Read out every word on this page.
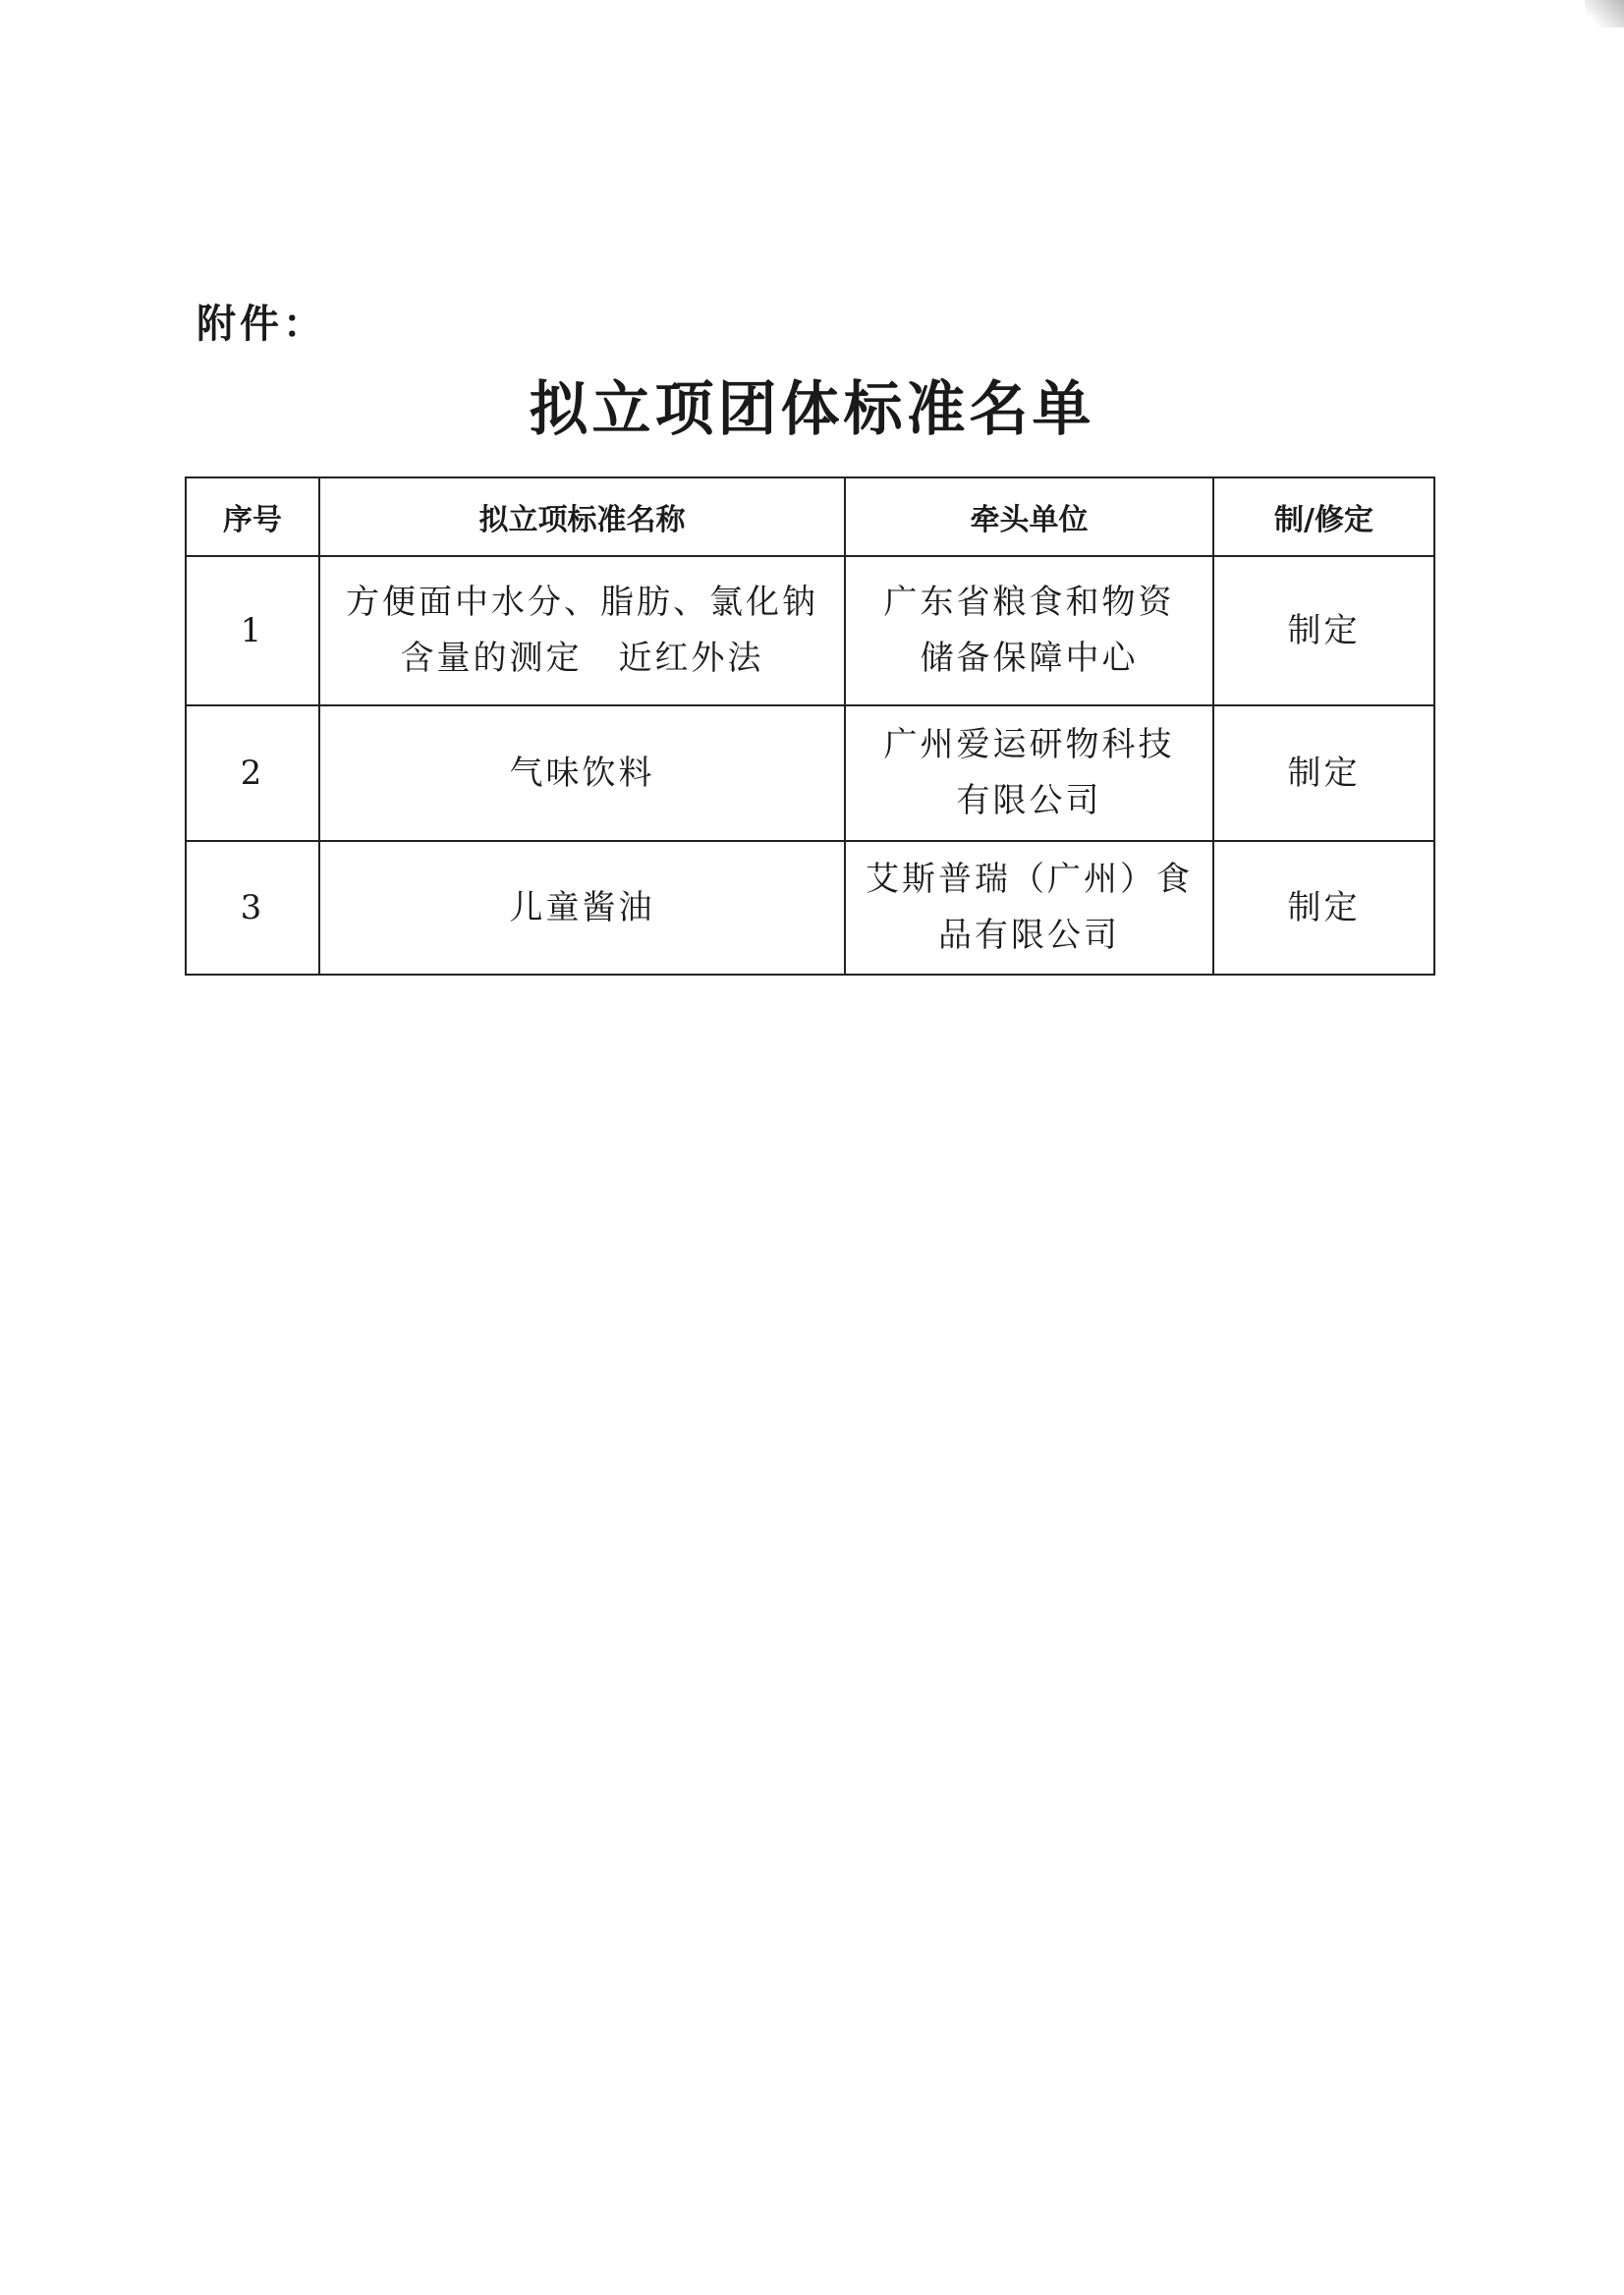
附件：
拟立项团体标准名单
序号	拟立项标准名称	牵头单位	制/修定
1	方便面中水分、脂肪、氯化钠
含量的测定　近红外法	广东省粮食和物资
储备保障中心	制定
2	气味饮料	广州爱运研物科技
有限公司	制定
3	儿童酱油	艾斯普瑞（广州）食
品有限公司	制定
